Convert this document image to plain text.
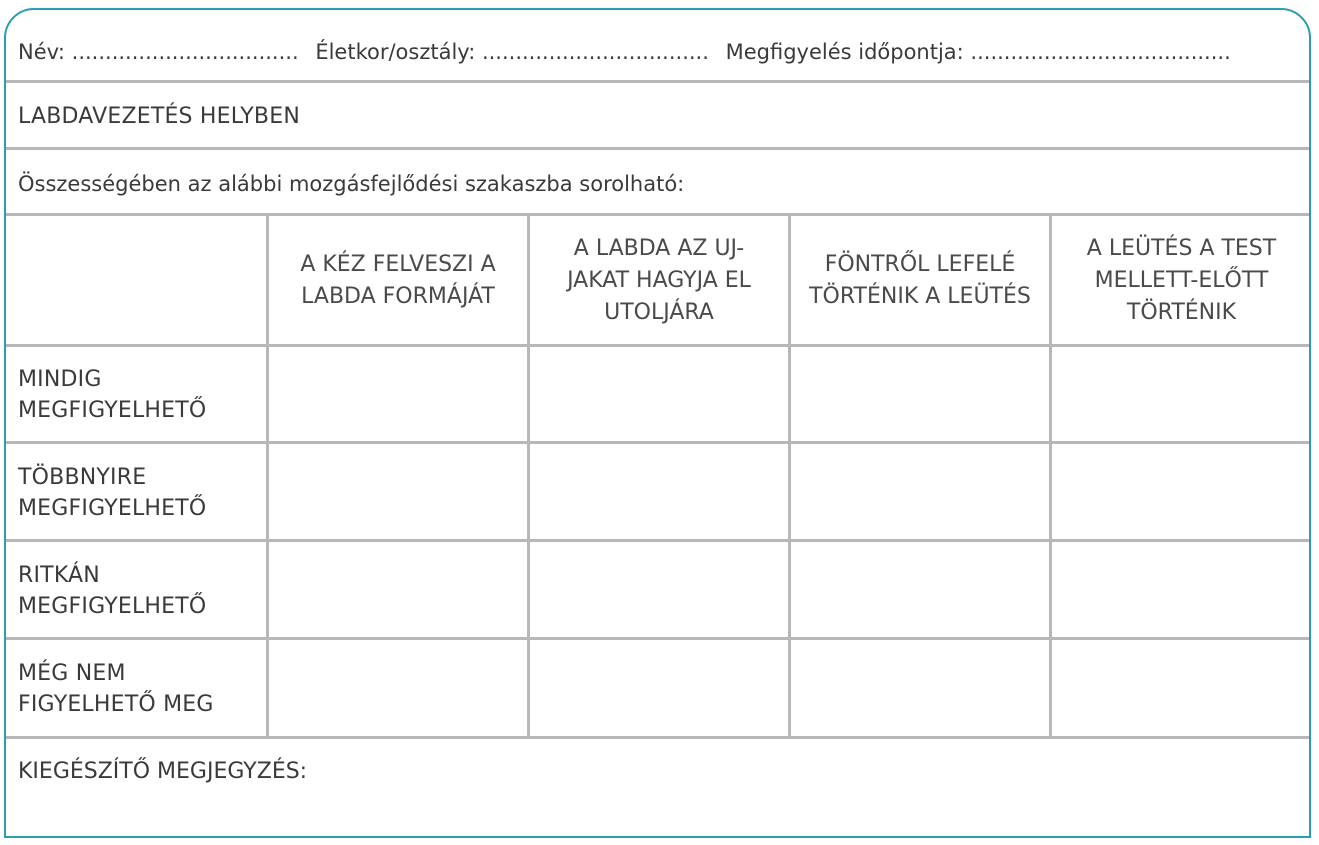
Név: .................................. Életkor/osztály: .................................. Megfigyelés időpontja: .......................................
LABDAVEZETÉS HELYBEN
Összességében az alábbi mozgásfejlődési szakaszba sorolható:
A KÉZ FELVESZI A
LABDA FORMÁJÁT
A LABDA AZ UJ-
JAKAT HAGYJA EL
UTOLJÁRA
FÖNTRŐL LEFELÉ
TÖRTÉNIK A LEÜTÉS
A LEÜTÉS A TEST
MELLETT-ELŐTT
TÖRTÉNIK
MINDIG
MEGFIGYELHETŐ
TÖBBNYIRE
MEGFIGYELHETŐ
RITKÁN
MEGFIGYELHETŐ
MÉG NEM
FIGYELHETŐ MEG
KIEGÉSZÍTŐ MEGJEGYZÉS:
